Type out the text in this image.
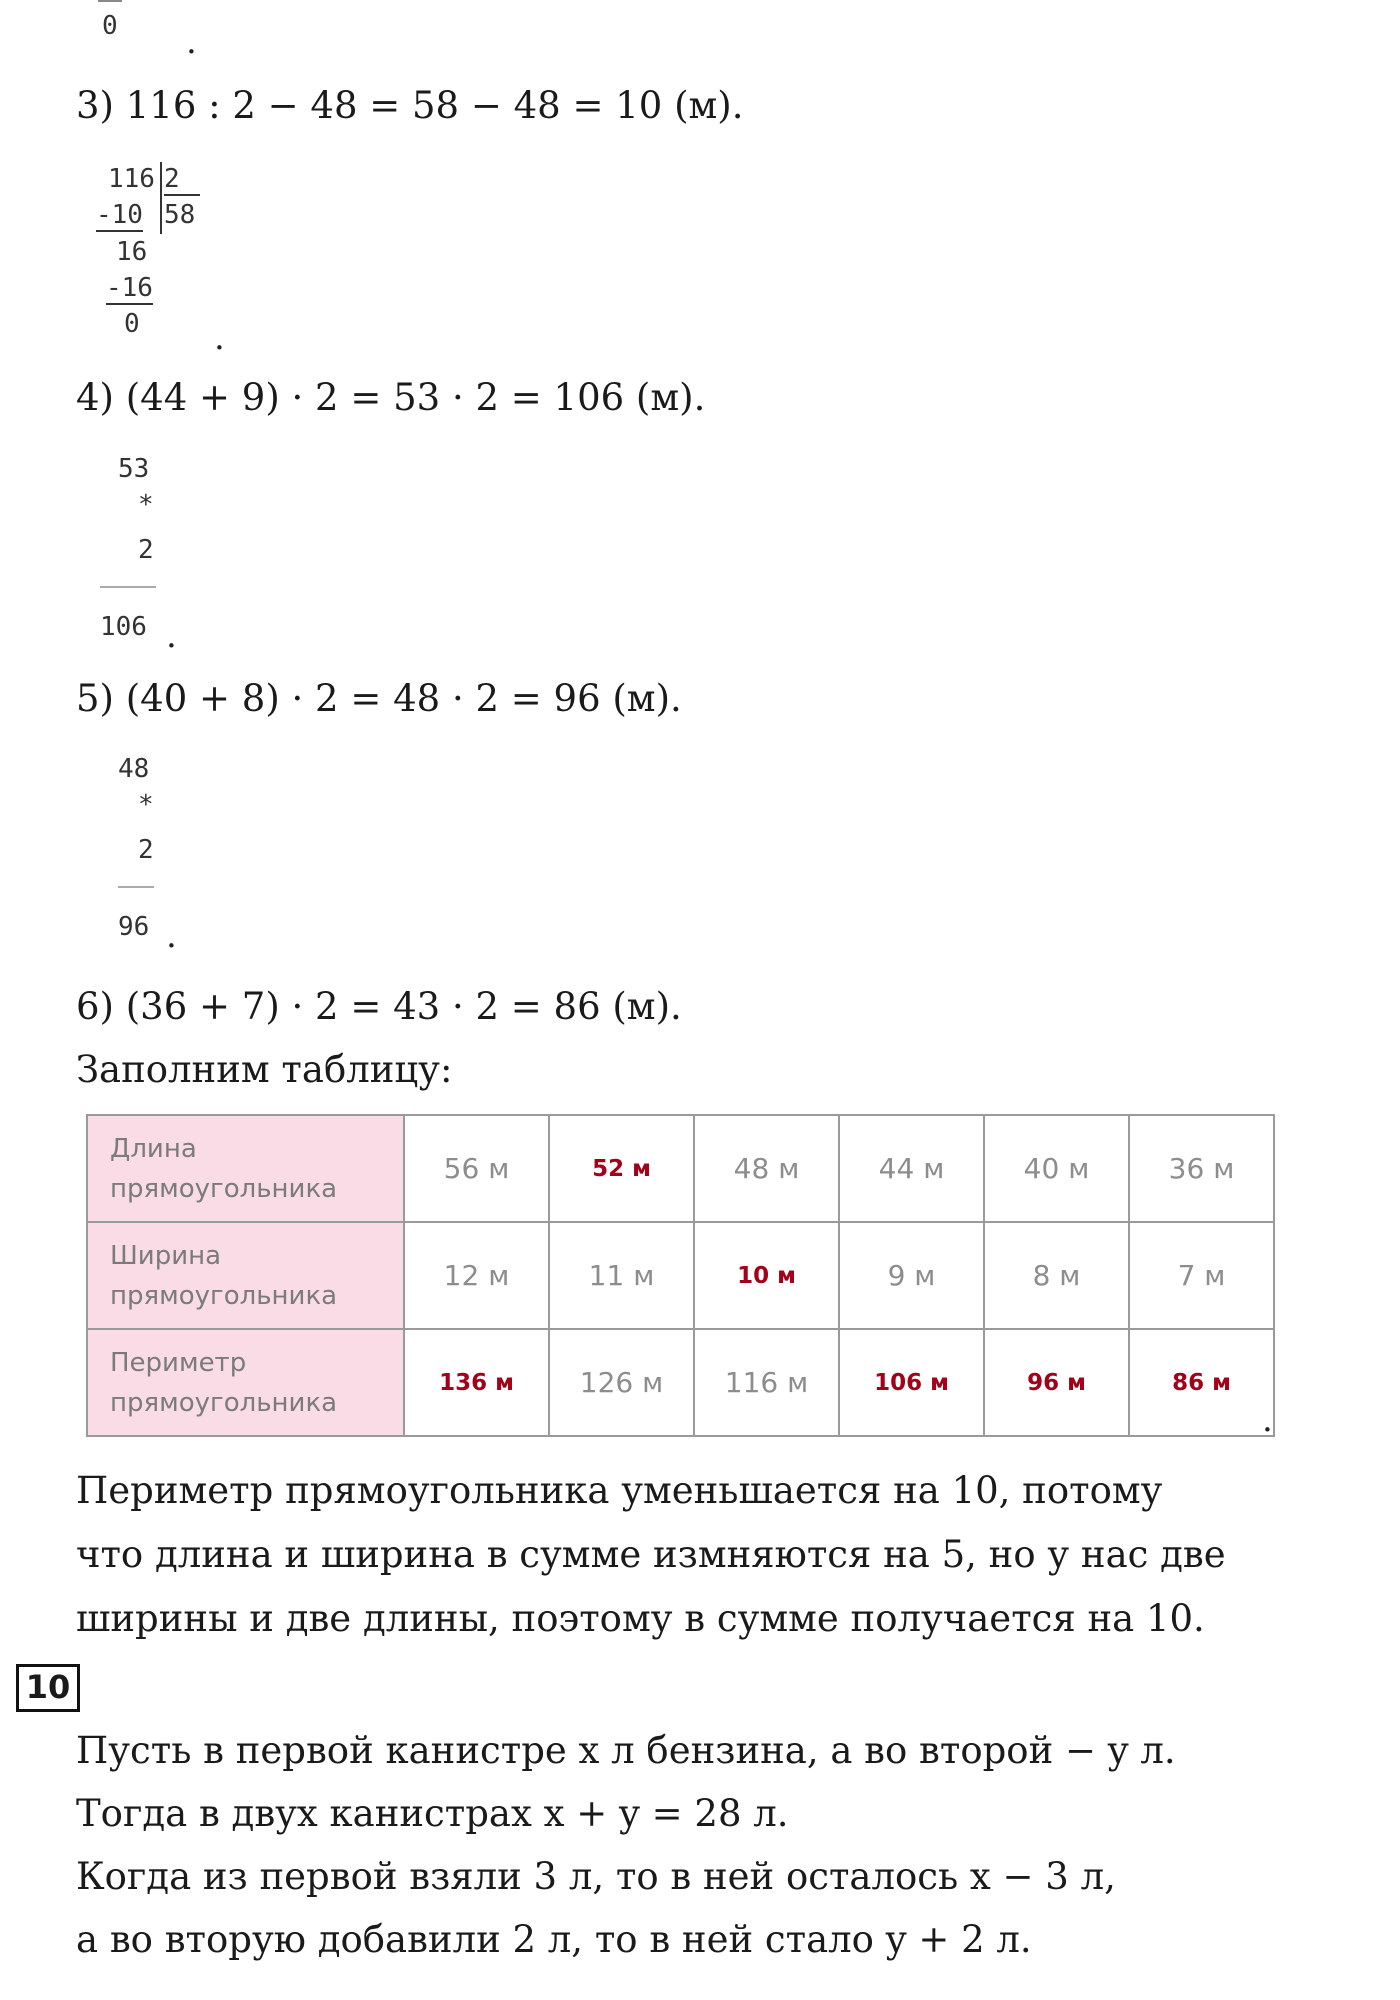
0 .
3) 116 : 2 − 48 = 58 − 48 = 10 (м).
116 2
-10 58
16
-16
0 .
4) (44 + 9) · 2 = 53 · 2 = 106 (м).
53
*
2
106 .
5) (40 + 8) · 2 = 48 · 2 = 96 (м).
48
*
2
96 .
6) (36 + 7) · 2 = 43 · 2 = 86 (м).
Заполним таблицу:
Длина
прямоугольника	56 м	52 м	48 м	44 м	40 м	36 м

Ширина
прямоугольника	12 м	11 м	10 м	9 м	8 м	7 м

Периметр
прямоугольника	136 м	126 м	116 м	106 м	96 м	86 м
.
Периметр прямоугольника уменьшается на 10, потому что длина и ширина в сумме измняются на 5, но у нас две ширины и две длины, поэтому в сумме получается на 10.
10
Пусть в первой канистре x л бензина, а во второй − y л.
Тогда в двух канистрах x + y = 28 л.
Когда из первой взяли 3 л, то в ней осталось x − 3 л,
а во вторую добавили 2 л, то в ней стало y + 2 л.
